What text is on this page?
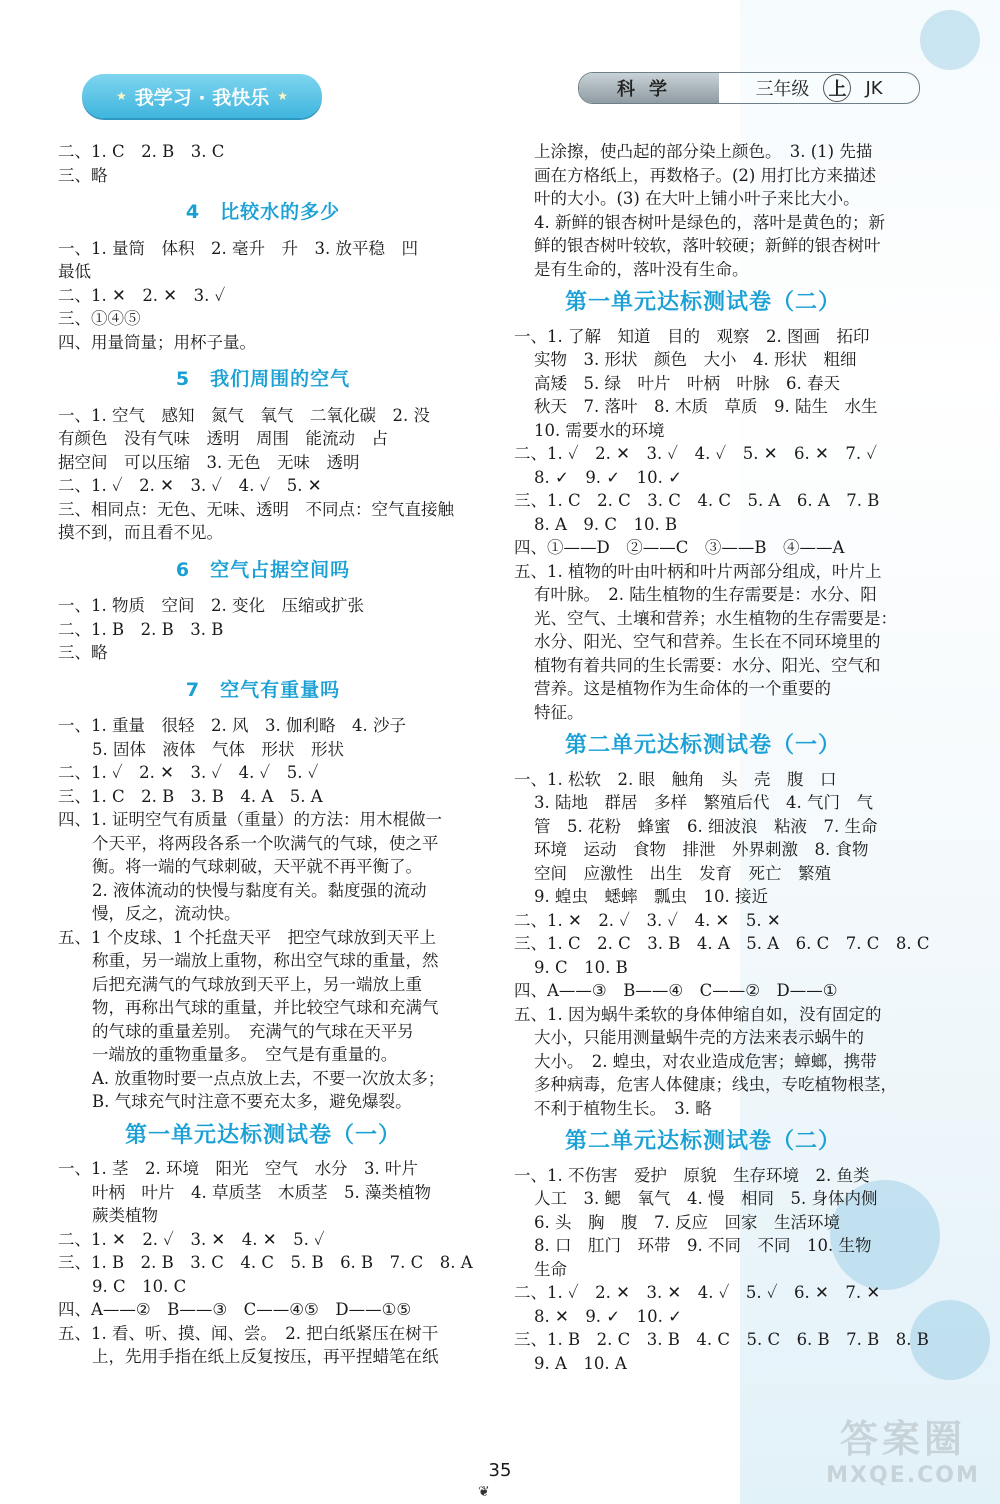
★ 我学习 · 我快乐 ★	科学	三年级 上 JK
二、1. C　2. B　3. C
三、略
4　比较水的多少
一、1. 量筒　体积　2. 毫升　升　3. 放平稳　凹
最低
二、1. ✕　2. ✕　3. ✓
三、①④⑤
四、用量筒量；用杯子量。
5　我们周围的空气
一、1. 空气　感知　氮气　氧气　二氧化碳　2. 没
有颜色　没有气味　透明　周围　能流动　占
据空间　可以压缩　3. 无色　无味　透明
二、1. ✓　2. ✕　3. ✓　4. ✓　5. ✕
三、相同点：无色、无味、透明　不同点：空气直接触
摸不到，而且看不见。
6　空气占据空间吗
一、1. 物质　空间　2. 变化　压缩或扩张
二、1. B　2. B　3. B
三、略
7　空气有重量吗
一、1. 重量　很轻　2. 风　3. 伽利略　4. 沙子
5. 固体　液体　气体　形状　形状
二、1. ✓　2. ✕　3. ✓　4. ✓　5. ✓
三、1. C　2. B　3. B　4. A　5. A
四、1. 证明空气有质量（重量）的方法：用木棍做一
个天平，将两段各系一个吹满气的气球，使之平
衡。将一端的气球刺破，天平就不再平衡了。
2. 液体流动的快慢与黏度有关。黏度强的流动
慢，反之，流动快。
五、1 个皮球、1 个托盘天平　把空气球放到天平上
称重，另一端放上重物，称出空气球的重量，然
后把充满气的气球放到天平上，另一端放上重
物，再称出气球的重量，并比较空气球和充满气
的气球的重量差别。　充满气的气球在天平另
一端放的重物重量多。　空气是有重量的。
A. 放重物时要一点点放上去，不要一次放太多；
B. 气球充气时注意不要充太多，避免爆裂。
第一单元达标测试卷（一）
一、1. 茎　2. 环境　阳光　空气　水分　3. 叶片
叶柄　叶片　4. 草质茎　木质茎　5. 藻类植物
蕨类植物
二、1. ✕　2. ✓　3. ✕　4. ✕　5. ✓
三、1. B　2. B　3. C　4. C　5. B　6. B　7. C　8. A
9. C　10. C
四、A——②　B——③　C——④⑤　D——①⑤
五、1. 看、听、摸、闻、尝。　2. 把白纸紧压在树干
上，先用手指在纸上反复按压，再平捏蜡笔在纸
上涂擦，使凸起的部分染上颜色。　3. (1) 先描
画在方格纸上，再数格子。(2) 用打比方来描述
叶的大小。(3) 在大叶上铺小叶子来比大小。
4. 新鲜的银杏树叶是绿色的，落叶是黄色的；新
鲜的银杏树叶较软，落叶较硬；新鲜的银杏树叶
是有生命的，落叶没有生命。
第一单元达标测试卷（二）
一、1. 了解　知道　目的　观察　2. 图画　拓印
实物　3. 形状　颜色　大小　4. 形状　粗细
高矮　5. 绿　叶片　叶柄　叶脉　6. 春天
秋天　7. 落叶　8. 木质　草质　9. 陆生　水生
10. 需要水的环境
二、1. ✓　2. ✕　3. ✓　4. ✓　5. ✕　6. ✕　7. ✓
8. ✓　9. ✓　10. ✓
三、1. C　2. C　3. C　4. C　5. A　6. A　7. B
8. A　9. C　10. B
四、①——D　②——C　③——B　④——A
五、1. 植物的叶由叶柄和叶片两部分组成，叶片上
有叶脉。　2. 陆生植物的生存需要是：水分、阳
光、空气、土壤和营养；水生植物的生存需要是：
水分、阳光、空气和营养。生长在不同环境里的
植物有着共同的生长需要：水分、阳光、空气和
营养。这是植物作为生命体的一个重要的
特征。
第二单元达标测试卷（一）
一、1. 松软　2. 眼　触角　头　壳　腹　口
3. 陆地　群居　多样　繁殖后代　4. 气门　气
管　5. 花粉　蜂蜜　6. 细波浪　粘液　7. 生命
环境　运动　食物　排泄　外界刺激　8. 食物
空间　应激性　出生　发育　死亡　繁殖
9. 蝗虫　蟋蟀　瓢虫　10. 接近
二、1. ✕　2. ✓　3. ✓　4. ✕　5. ✕
三、1. C　2. C　3. B　4. A　5. A　6. C　7. C　8. C
9. C　10. B
四、A——③　B——④　C——②　D——①
五、1. 因为蜗牛柔软的身体伸缩自如，没有固定的
大小，只能用测量蜗牛壳的方法来表示蜗牛的
大小。　2. 蝗虫，对农业造成危害；蟑螂，携带
多种病毒，危害人体健康；线虫，专吃植物根茎，
不利于植物生长。　3. 略
第二单元达标测试卷（二）
一、1. 不伤害　爱护　原貌　生存环境　2. 鱼类
人工　3. 鳃　氧气　4. 慢　相同　5. 身体内侧
6. 头　胸　腹　7. 反应　回家　生活环境
8. 口　肛门　环带　9. 不同　不同　10. 生物
生命
二、1. ✓　2. ✕　3. ✕　4. ✓　5. ✓　6. ✕　7. ✕
8. ✕　9. ✓　10. ✓
三、1. B　2. C　3. B　4. C　5. C　6. B　7. B　8. B
9. A　10. A
35
❦
答案圈
MXQE.COM
